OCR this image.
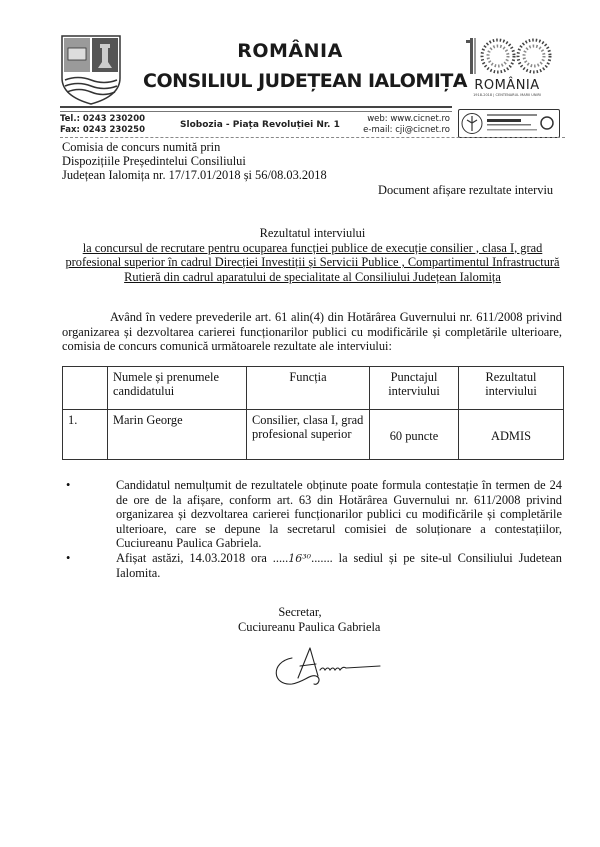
ROMÂNIA
CONSILIUL JUDEȚEAN IALOMIȚA ROMÂNIA
1918-2018 | CENTENARUL MARII UNIRI
Tel.: 0243 230200
Fax: 0243 230250	Slobozia - Piața Revoluției Nr. 1
web: www.cicnet.ro
e-mail: cji@cicnet.ro
Comisia de concurs numită prin
Dispozițiile Președintelui Consiliului
Județean Ialomița nr. 17/17.01/2018 și 56/08.03.2018
Document afișare rezultate interviu
Rezultatul interviului
la concursul de recrutare pentru ocuparea funcției publice de execuție consilier , clasa I, grad
profesional superior în cadrul Direcției Investiții și Servicii Publice , Compartimentul Infrastructură
Rutieră din cadrul aparatului de specialitate al Consiliului Județean Ialomița
Având în vedere prevederile art. 61 alin(4) din Hotărârea Guvernului nr. 611/2008 privind organizarea și dezvoltarea carierei funcționarilor publici cu modificările și completările ulterioare, comisia de concurs comunică următoarele rezultate ale interviului:
	Numele și prenumele candidatului	Funcția	Punctajul interviului	Rezultatul interviului
1.	Marin George	Consilier, clasa I, grad profesional superior	60 puncte	ADMIS
•	Candidatul nemulțumit de rezultatele obținute poate formula contestație în termen de 24 de ore de la afișare, conform art. 63 din Hotărârea Guvernului nr. 611/2008 privind organizarea și dezvoltarea carierei funcționarilor publici cu modificările și completările ulterioare, care se depune la secretarul comisiei de soluționare a contestațiilor, Cuciureanu Paulica Gabriela.
•	Afișat astăzi, 14.03.2018 ora .....16³⁰....... la sediul și pe site-ul Consiliului Judetean Ialomita.
Secretar,
Cuciureanu Paulica Gabriela
